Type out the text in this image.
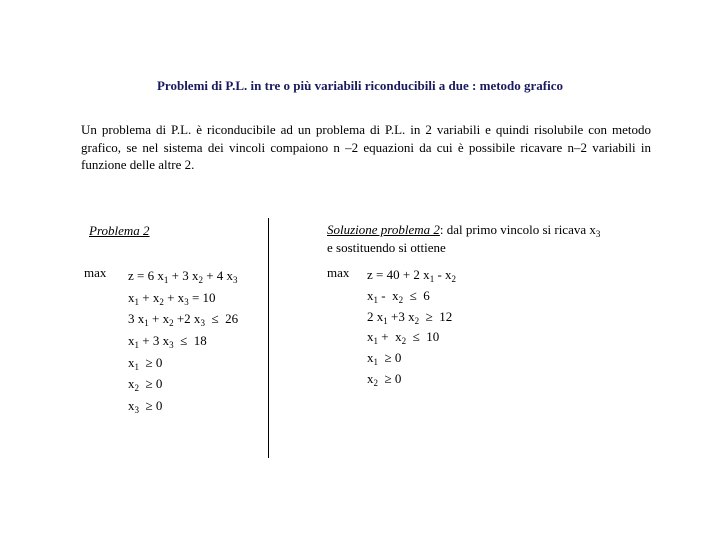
Problemi di P.L. in tre o più variabili riconducibili a due : metodo grafico
Un problema di P.L. è riconducibile ad un problema di P.L. in 2 variabili e quindi risolubile con metodo grafico, se nel sistema dei vincoli compaiono n –2 equazioni da cui è possibile ricavare n–2 variabili in funzione delle altre 2.
Problema 2	Soluzione problema 2: dal primo vincolo si ricava $x_3$
e sostituendo si ottiene
max z = 6 $x_1 + 3$ $x_2 + 4$ $x_3$
$x_1 + x_2 + x_3 = 10$
3 $x_1 + x_2 +2$ $x_3 \le 26$
$x_1 + 3$ $x_3 \le 18$
$x_1 \ge 0$
$x_2 \ge 0$
$x_3 \ge 0$
max z = 40 + 2 $x_1 - x_2$
$x_1 - x_2 \le 6$
2 $x_1 +3$ $x_2 \ge 12$
$x_1 + x_2 \le 10$
$x_1 \ge 0$
$x_2 \ge 0$
